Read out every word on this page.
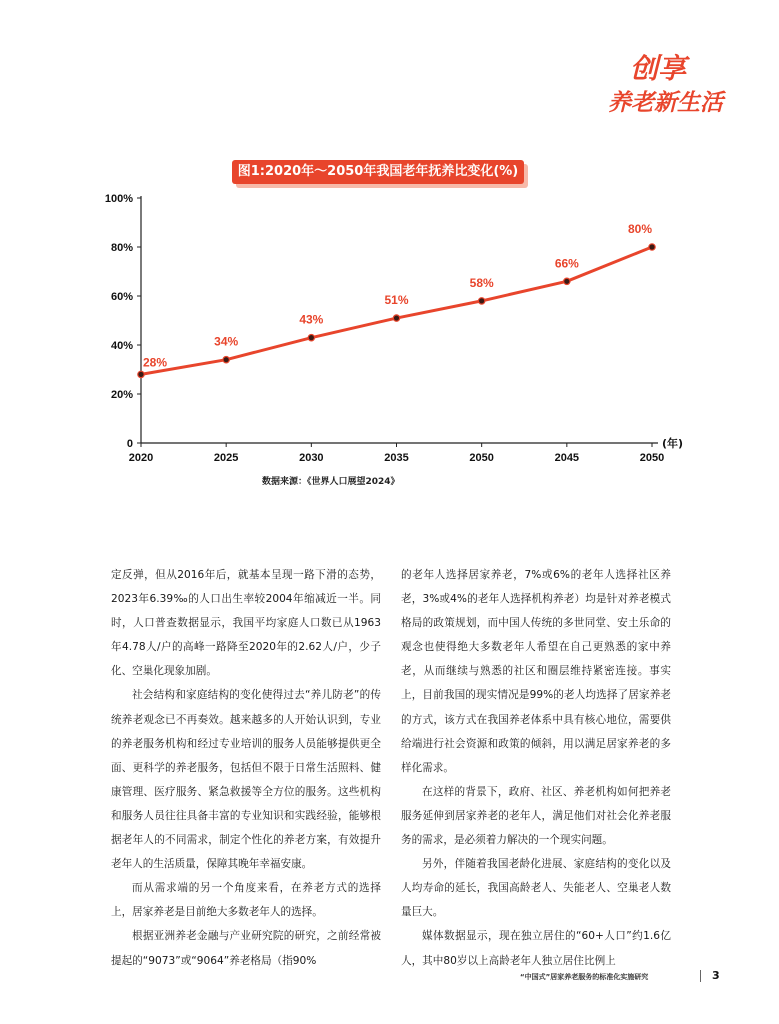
创享
养老新生活
图1:2020年～2050年我国老年抚养比变化(%)
0
20%
40%
60%
80%
100%
2020	2025	2030	2035	2050	2045	2050
(年)
28%
34%
43%
51%
58%
66%
80%
数据来源：《世界人口展望2024》

定反弹，但从2016年后，就基本呈现一路下滑的态势，2023年6.39‰的人口出生率较2004年缩减近一半。同时，人口普查数据显示，我国平均家庭人口数已从1963年4.78人/户的高峰一路降至2020年的2.62人/户，少子化、空巢化现象加剧。

社会结构和家庭结构的变化使得过去“养儿防老”的传统养老观念已不再奏效。越来越多的人开始认识到，专业的养老服务机构和经过专业培训的服务人员能够提供更全面、更科学的养老服务，包括但不限于日常生活照料、健康管理、医疗服务、紧急救援等全方位的服务。这些机构和服务人员往往具备丰富的专业知识和实践经验，能够根据老年人的不同需求，制定个性化的养老方案，有效提升老年人的生活质量，保障其晚年幸福安康。

而从需求端的另一个角度来看，在养老方式的选择上，居家养老是目前绝大多数老年人的选择。

根据亚洲养老金融与产业研究院的研究，之前经常被提起的“9073”或“9064”养老格局（指90%

的老年人选择居家养老，7%或6%的老年人选择社区养老，3%或4%的老年人选择机构养老）均是针对养老模式格局的政策规划，而中国人传统的多世同堂、安土乐命的观念也使得绝大多数老年人希望在自己更熟悉的家中养老，从而继续与熟悉的社区和圈层维持紧密连接。事实上，目前我国的现实情况是99%的老人均选择了居家养老的方式，该方式在我国养老体系中具有核心地位，需要供给端进行社会资源和政策的倾斜，用以满足居家养老的多样化需求。

在这样的背景下，政府、社区、养老机构如何把养老服务延伸到居家养老的老年人，满足他们对社会化养老服务的需求，是必须着力解决的一个现实问题。

另外，伴随着我国老龄化进展、家庭结构的变化以及人均寿命的延长，我国高龄老人、失能老人、空巢老人数量巨大。

媒体数据显示，现在独立居住的“60+人口”约1.6亿人，其中80岁以上高龄老年人独立居住比例上

“中国式”居家养老服务的标准化实施研究	3
